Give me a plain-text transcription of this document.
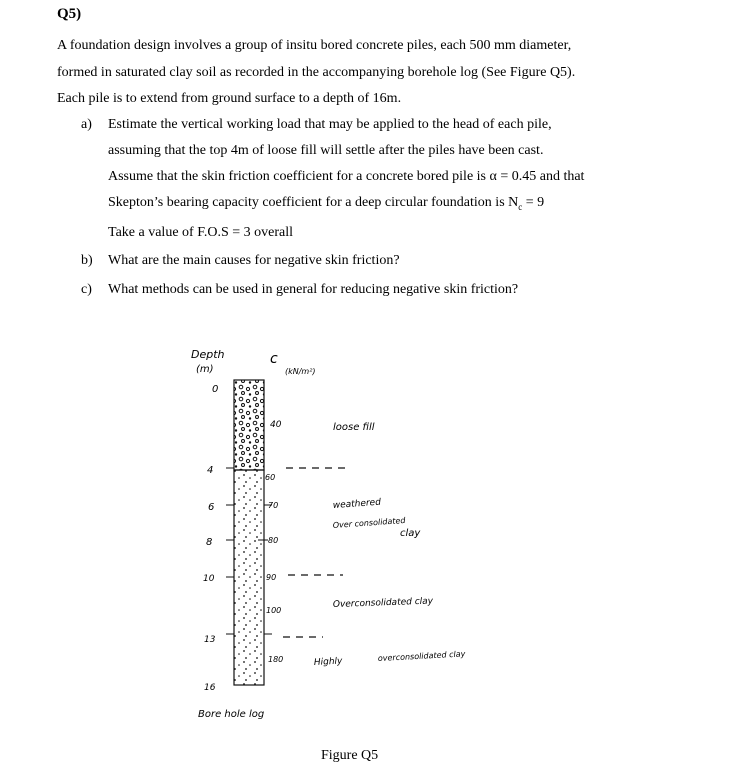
Q5)

A foundation design involves a group of insitu bored concrete piles, each 500 mm diameter,

formed in saturated clay soil as recorded in the accompanying borehole log (See Figure Q5).

Each pile is to extend from ground surface to a depth of 16m.

a) Estimate the vertical working load that may be applied to the head of each pile,

assuming that the top 4m of loose fill will settle after the piles have been cast.

Assume that the skin friction coefficient for a concrete bored pile is α = 0.45 and that

Skepton’s bearing capacity coefficient for a deep circular foundation is $N_c = 9$

Take a value of F.O.S = 3 overall

b) What are the main causes for negative skin friction?

c) What methods can be used in general for reducing negative skin friction?

Depth
(m)
c
(kN/m²)
0
4
6
8
10
13
16
40
60
70
80
90
100
180
loose fill
weathered
Over consolidated
clay
Overconsolidated clay
Highly	overconsolidated clay
Bore hole log
Figure Q5
